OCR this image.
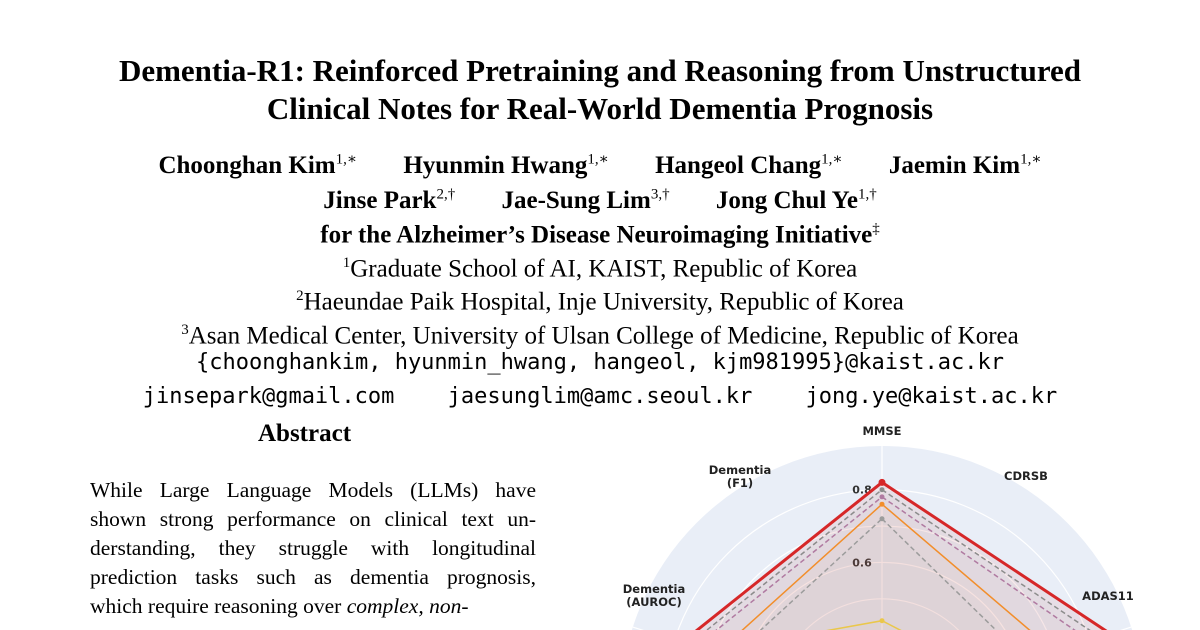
Dementia-R1: Reinforced Pretraining and Reasoning from Unstructured
Clinical Notes for Real-World Dementia Prognosis
Choonghan Kim$^{1,∗}$ Hyunmin Hwang$^{1,∗}$ Hangeol Chang$^{1,∗}$ Jaemin Kim$^{1,∗}$
Jinse Park$^{2,\dagger}$ Jae-Sung Lim$^{3,\dagger}$ Jong Chul $Ye^{1,\dagger}$
for the Alzheimer’s Disease Neuroimaging Initiative‡
$^1$Graduate School of AI, KAIST, Republic of Korea
$^2$Haeundae Paik Hospital, Inje University, Republic of Korea
$^3$Asan Medical Center, University of Ulsan College of Medicine, Republic of Korea
{choonghankim, hyunmin_hwang, hangeol, kjm981995}@kaist.ac.kr
jinsepark@gmail.com jaesunglim@amc.seoul.kr jong.ye@kaist.ac.kr
Abstract
While Large Language Models (LLMs) have
shown strong performance on clinical text un-
derstanding, they struggle with longitudinal
prediction tasks such as dementia prognosis,
which require reasoning over complex, non-
0.6
0.8
MMSE
CDRSB
ADAS11
Dementia (AUROC)
Dementia (F1)
